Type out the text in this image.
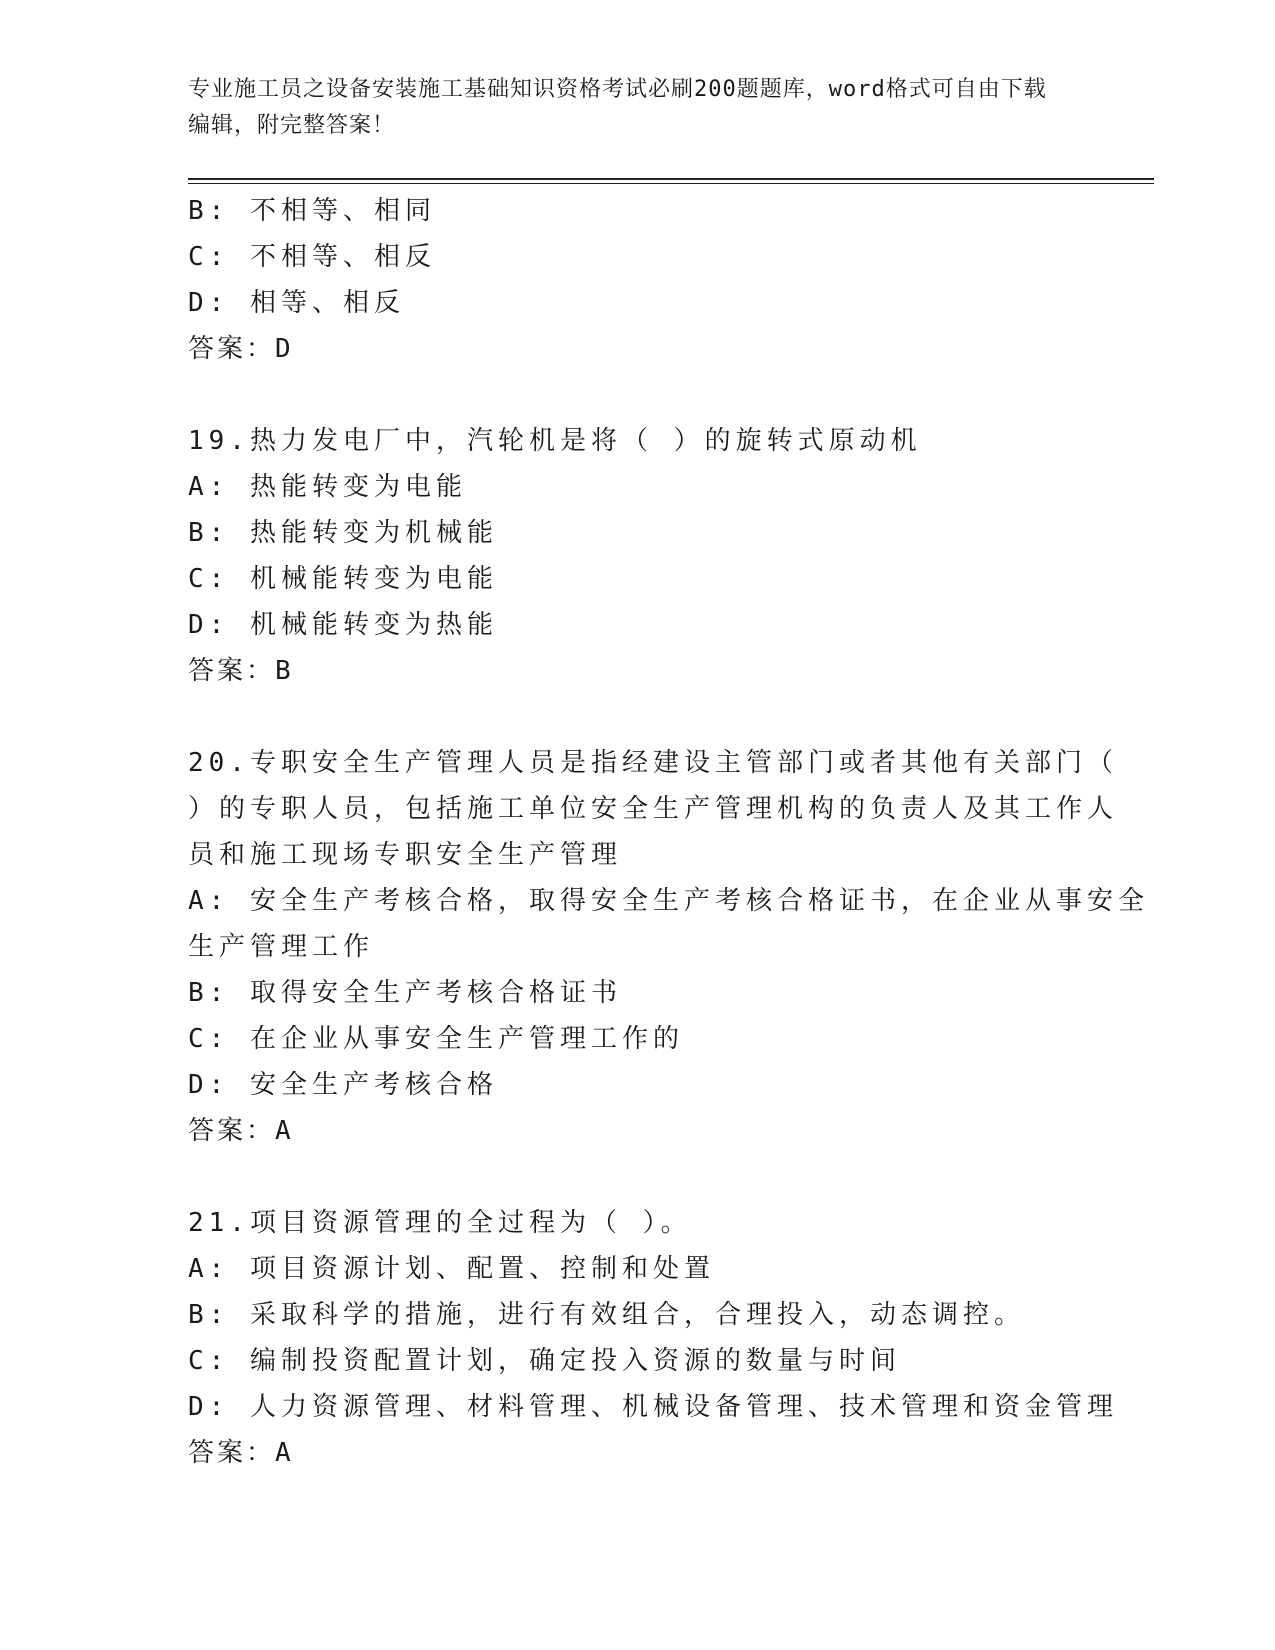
专业施工员之设备安装施工基础知识资格考试必刷200题题库，word格式可自由下载编辑，附完整答案！
B: 不相等、相同
C: 不相等、相反
D: 相等、相反
答案：D
19.热力发电厂中，汽轮机是将（ ）的旋转式原动机
A: 热能转变为电能
B: 热能转变为机械能
C: 机械能转变为电能
D: 机械能转变为热能
答案：B
20.专职安全生产管理人员是指经建设主管部门或者其他有关部门（
）的专职人员，包括施工单位安全生产管理机构的负责人及其工作人
员和施工现场专职安全生产管理
A: 安全生产考核合格，取得安全生产考核合格证书，在企业从事安全
生产管理工作
B: 取得安全生产考核合格证书
C: 在企业从事安全生产管理工作的
D: 安全生产考核合格
答案：A
21.项目资源管理的全过程为（ ）。
A: 项目资源计划、配置、控制和处置
B: 采取科学的措施，进行有效组合，合理投入，动态调控。
C: 编制投资配置计划，确定投入资源的数量与时间
D: 人力资源管理、材料管理、机械设备管理、技术管理和资金管理
答案：A
